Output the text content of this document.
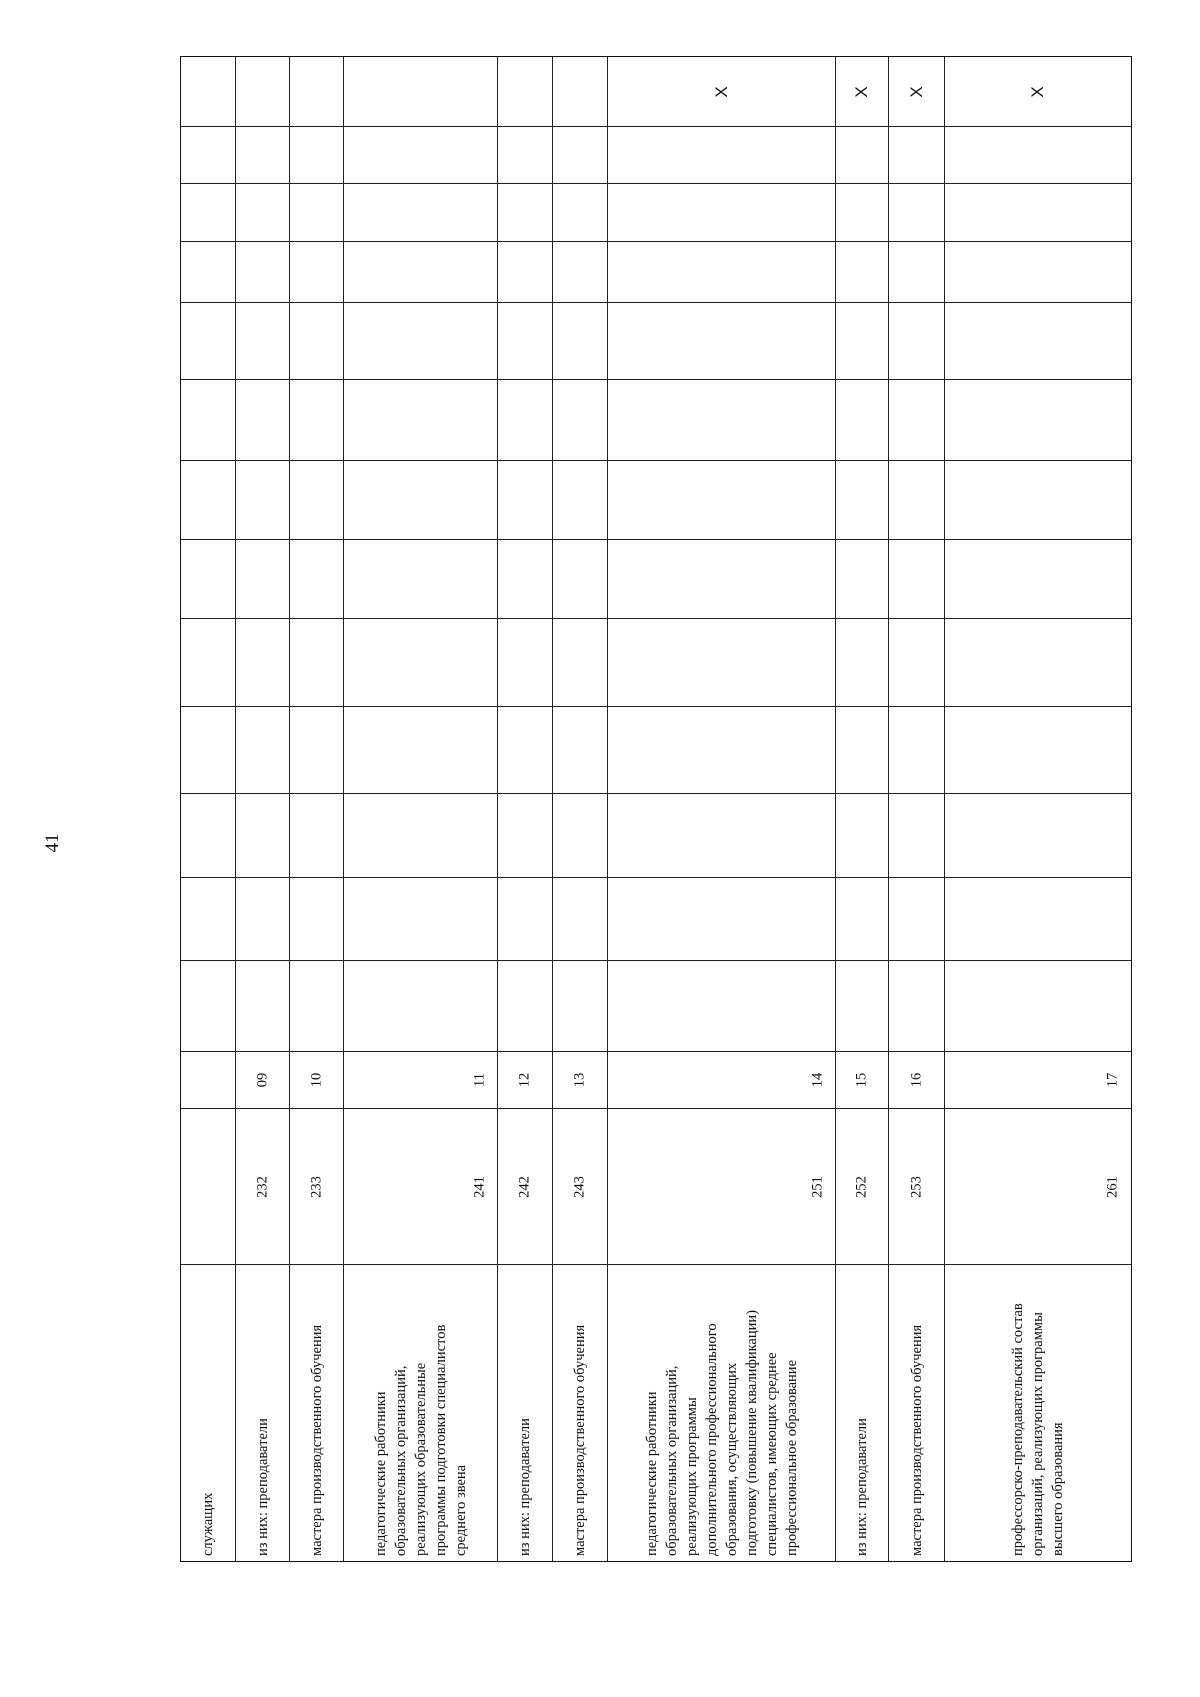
41
служащих
09
232
из них: преподаватели
10
233
мастера производственного обучения
11
241
педагогические работники
образовательных организаций,
реализующих образовательные
программы подготовки специалистов
среднего звена
12
242
из них: преподаватели
13
243
мастера производственного обучения
X
14
251
педагогические работники
образовательных организаций,
реализующих программы
дополнительного профессионального
образования, осуществляющих
подготовку (повышение квалификации)
специалистов, имеющих среднее
профессиональное образование
X
15
252
из них: преподаватели
X
16
253
мастера производственного обучения
X
17
261
профессорско-преподавательский состав
организаций, реализующих программы
высшего образования
